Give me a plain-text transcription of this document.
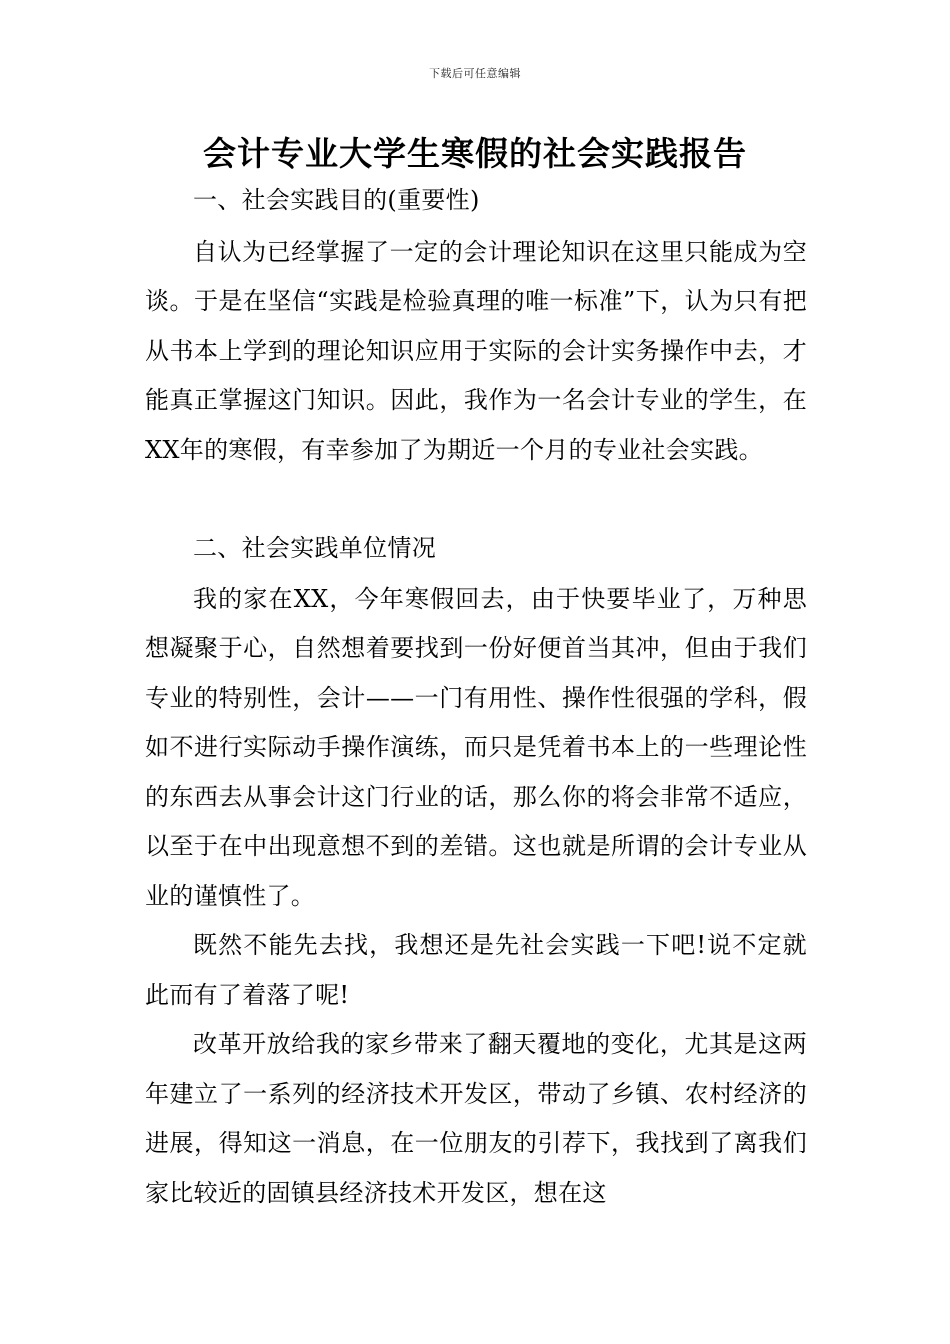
下载后可任意编辑
会计专业大学生寒假的社会实践报告
一、社会实践目的(重要性)

自认为已经掌握了一定的会计理论知识在这里只能成为空谈。于是在坚信“实践是检验真理的唯一标准”下，认为只有把从书本上学到的理论知识应用于实际的会计实务操作中去，才能真正掌握这门知识。因此，我作为一名会计专业的学生，在XX年的寒假，有幸参加了为期近一个月的专业社会实践。

二、社会实践单位情况

我的家在XX，今年寒假回去，由于快要毕业了，万种思想凝聚于心，自然想着要找到一份好便首当其冲，但由于我们专业的特别性，会计——一门有用性、操作性很强的学科，假如不进行实际动手操作演练，而只是凭着书本上的一些理论性的东西去从事会计这门行业的话，那么你的将会非常不适应，以至于在中出现意想不到的差错。这也就是所谓的会计专业从业的谨慎性了。

既然不能先去找，我想还是先社会实践一下吧!说不定就此而有了着落了呢!

改革开放给我的家乡带来了翻天覆地的变化，尤其是这两年建立了一系列的经济技术开发区，带动了乡镇、农村经济的进展，得知这一消息，在一位朋友的引荐下，我找到了离我们家比较近的固镇县经济技术开发区，想在这
